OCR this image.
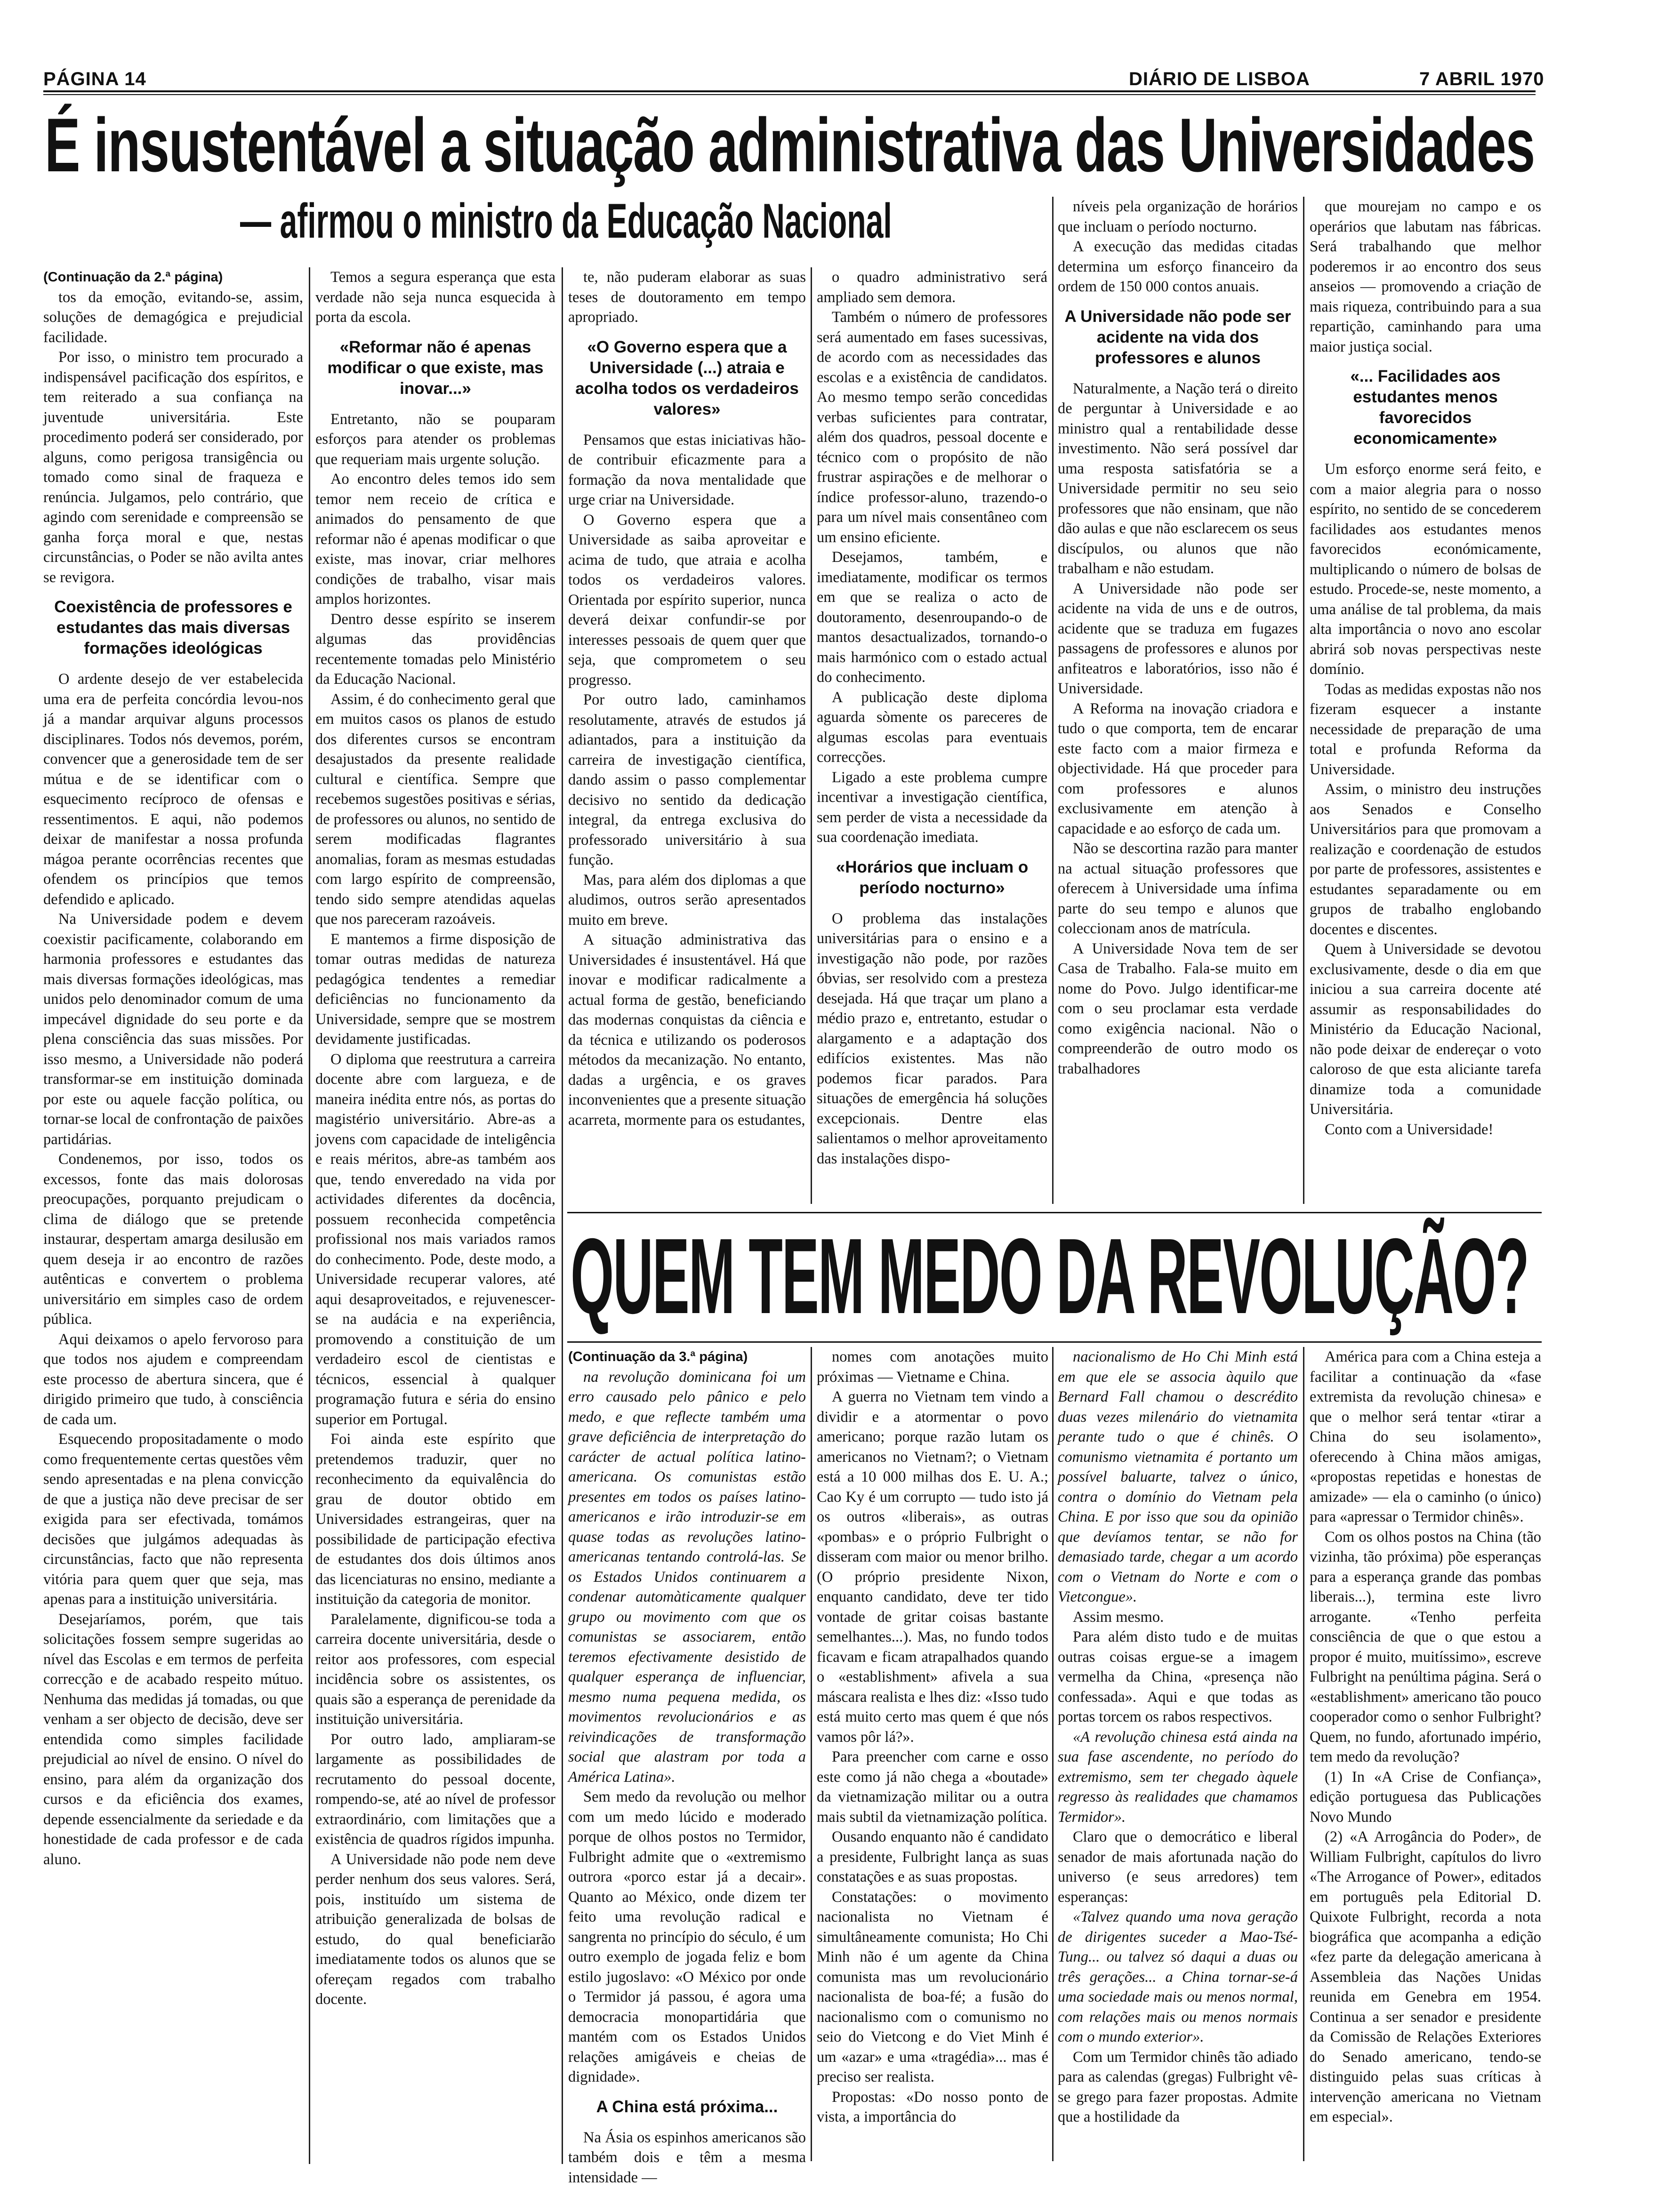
PÁGINA 14	DIÁRIO DE LISBOA	7 ABRIL 1970
É insustentável a situação administrativa das Universidades
— afirmou o ministro da Educação Nacional

(Continuação da 2.ª página)

tos da emoção, evitando-se, assim, soluções de demagógica e prejudicial facilidade.

Por isso, o ministro tem procurado a indispensável pacificação dos espíritos, e tem reiterado a sua confiança na juventude universitária. Este procedimento poderá ser considerado, por alguns, como perigosa transigência ou tomado como sinal de fraqueza e renúncia. Julgamos, pelo contrário, que agindo com serenidade e compreensão se ganha força moral e que, nestas circunstâncias, o Poder se não avilta antes se revigora.

Coexistência de professores e estudantes das mais diversas formações ideológicas

O ardente desejo de ver estabelecida uma era de perfeita concórdia levou-nos já a mandar arquivar alguns processos disciplinares. Todos nós devemos, porém, convencer que a generosidade tem de ser mútua e de se identificar com o esquecimento recíproco de ofensas e ressentimentos. E aqui, não podemos deixar de manifestar a nossa profunda mágoa perante ocorrências recentes que ofendem os princípios que temos defendido e aplicado.

Na Universidade podem e devem coexistir pacificamente, colaborando em harmonia professores e estudantes das mais diversas formações ideológicas, mas unidos pelo denominador comum de uma impecável dignidade do seu porte e da plena consciência das suas missões. Por isso mesmo, a Universidade não poderá transformar-se em instituição dominada por este ou aquele facção política, ou tornar-se local de confrontação de paixões partidárias.

Condenemos, por isso, todos os excessos, fonte das mais dolorosas preocupações, porquanto prejudicam o clima de diálogo que se pretende instaurar, despertam amarga desilusão em quem deseja ir ao encontro de razões autênticas e convertem o problema universitário em simples caso de ordem pública.

Aqui deixamos o apelo fervoroso para que todos nos ajudem e compreendam este processo de abertura sincera, que é dirigido primeiro que tudo, à consciência de cada um.

Esquecendo propositadamente o modo como frequentemente certas questões vêm sendo apresentadas e na plena convicção de que a justiça não deve precisar de ser exigida para ser efectivada, tomámos decisões que julgámos adequadas às circunstâncias, facto que não representa vitória para quem quer que seja, mas apenas para a instituição universitária.

Desejaríamos, porém, que tais solicitações fossem sempre sugeridas ao nível das Escolas e em termos de perfeita correcção e de acabado respeito mútuo. Nenhuma das medidas já tomadas, ou que venham a ser objecto de decisão, deve ser entendida como simples facilidade prejudicial ao nível de ensino. O nível do ensino, para além da organização dos cursos e da eficiência dos exames, depende essencialmente da seriedade e da honestidade de cada professor e de cada aluno.

Temos a segura esperança que esta verdade não seja nunca esquecida à porta da escola.

«Reformar não é apenas modificar o que existe, mas inovar...»

Entretanto, não se pouparam esforços para atender os problemas que requeriam mais urgente solução.

Ao encontro deles temos ido sem temor nem receio de crítica e animados do pensamento de que reformar não é apenas modificar o que existe, mas inovar, criar melhores condições de trabalho, visar mais amplos horizontes.

Dentro desse espírito se inserem algumas das providências recentemente tomadas pelo Ministério da Educação Nacional.

Assim, é do conhecimento geral que em muitos casos os planos de estudo dos diferentes cursos se encontram desajustados da presente realidade cultural e científica. Sempre que recebemos sugestões positivas e sérias, de professores ou alunos, no sentido de serem modificadas flagrantes anomalias, foram as mesmas estudadas com largo espírito de compreensão, tendo sido sempre atendidas aquelas que nos pareceram razoáveis.

E mantemos a firme disposição de tomar outras medidas de natureza pedagógica tendentes a remediar deficiências no funcionamento da Universidade, sempre que se mostrem devidamente justificadas.

O diploma que reestrutura a carreira docente abre com largueza, e de maneira inédita entre nós, as portas do magistério universitário. Abre-as a jovens com capacidade de inteligência e reais méritos, abre-as também aos que, tendo enveredado na vida por actividades diferentes da docência, possuem reconhecida competência profissional nos mais variados ramos do conhecimento. Pode, deste modo, a Universidade recuperar valores, até aqui desaproveitados, e rejuvenescer-se na audácia e na experiência, promovendo a constituição de um verdadeiro escol de cientistas e técnicos, essencial à qualquer programação futura e séria do ensino superior em Portugal.

Foi ainda este espírito que pretendemos traduzir, quer no reconhecimento da equivalência do grau de doutor obtido em Universidades estrangeiras, quer na possibilidade de participação efectiva de estudantes dos dois últimos anos das licenciaturas no ensino, mediante a instituição da categoria de monitor.

Paralelamente, dignificou-se toda a carreira docente universitária, desde o reitor aos professores, com especial incidência sobre os assistentes, os quais são a esperança de perenidade da instituição universitária.

Por outro lado, ampliaram-se largamente as possibilidades de recrutamento do pessoal docente, rompendo-se, até ao nível de professor extraordinário, com limitações que a existência de quadros rígidos impunha.

A Universidade não pode nem deve perder nenhum dos seus valores. Será, pois, instituído um sistema de atribuição generalizada de bolsas de estudo, do qual beneficiarão imediatamente todos os alunos que se ofereçam regados com trabalho docente.

te, não puderam elaborar as suas teses de doutoramento em tempo apropriado.

«O Governo espera que a Universidade (...) atraia e acolha todos os verdadeiros valores»

Pensamos que estas iniciativas hão-de contribuir eficazmente para a formação da nova mentalidade que urge criar na Universidade.

O Governo espera que a Universidade as saiba aproveitar e acima de tudo, que atraia e acolha todos os verdadeiros valores. Orientada por espírito superior, nunca deverá deixar confundir-se por interesses pessoais de quem quer que seja, que comprometem o seu progresso.

Por outro lado, caminhamos resolutamente, através de estudos já adiantados, para a instituição da carreira de investigação científica, dando assim o passo complementar decisivo no sentido da dedicação integral, da entrega exclusiva do professorado universitário à sua função.

Mas, para além dos diplomas a que aludimos, outros serão apresentados muito em breve.

A situação administrativa das Universidades é insustentável. Há que inovar e modificar radicalmente a actual forma de gestão, beneficiando das modernas conquistas da ciência e da técnica e utilizando os poderosos métodos da mecanização. No entanto, dadas a urgência, e os graves inconvenientes que a presente situação acarreta, mormente para os estudantes,

o quadro administrativo será ampliado sem demora.

Também o número de professores será aumentado em fases sucessivas, de acordo com as necessidades das escolas e a existência de candidatos. Ao mesmo tempo serão concedidas verbas suficientes para contratar, além dos quadros, pessoal docente e técnico com o propósito de não frustrar aspirações e de melhorar o índice professor-aluno, trazendo-o para um nível mais consentâneo com um ensino eficiente.

Desejamos, também, e imediatamente, modificar os termos em que se realiza o acto de doutoramento, desenroupando-o de mantos desactualizados, tornando-o mais harmónico com o estado actual do conhecimento.

A publicação deste diploma aguarda sòmente os pareceres de algumas escolas para eventuais correcções.

Ligado a este problema cumpre incentivar a investigação científica, sem perder de vista a necessidade da sua coordenação imediata.

«Horários que incluam o período nocturno»

O problema das instalações universitárias para o ensino e a investigação não pode, por razões óbvias, ser resolvido com a presteza desejada. Há que traçar um plano a médio prazo e, entretanto, estudar o alargamento e a adaptação dos edifícios existentes. Mas não podemos ficar parados. Para situações de emergência há soluções excepcionais. Dentre elas salientamos o melhor aproveitamento das instalações dispo-

níveis pela organização de horários que incluam o período nocturno.

A execução das medidas citadas determina um esforço financeiro da ordem de 150 000 contos anuais.

A Universidade não pode ser acidente na vida dos professores e alunos

Naturalmente, a Nação terá o direito de perguntar à Universidade e ao ministro qual a rentabilidade desse investimento. Não será possível dar uma resposta satisfatória se a Universidade permitir no seu seio professores que não ensinam, que não dão aulas e que não esclarecem os seus discípulos, ou alunos que não trabalham e não estudam.

A Universidade não pode ser acidente na vida de uns e de outros, acidente que se traduza em fugazes passagens de professores e alunos por anfiteatros e laboratórios, isso não é Universidade.

A Reforma na inovação criadora e tudo o que comporta, tem de encarar este facto com a maior firmeza e objectividade. Há que proceder para com professores e alunos exclusivamente em atenção à capacidade e ao esforço de cada um.

Não se descortina razão para manter na actual situação professores que oferecem à Universidade uma ínfima parte do seu tempo e alunos que coleccionam anos de matrícula.

A Universidade Nova tem de ser Casa de Trabalho. Fala-se muito em nome do Povo. Julgo identificar-me com o seu proclamar esta verdade como exigência nacional. Não o compreenderão de outro modo os trabalhadores

que mourejam no campo e os operários que labutam nas fábricas. Será trabalhando que melhor poderemos ir ao encontro dos seus anseios — promovendo a criação de mais riqueza, contribuindo para a sua repartição, caminhando para uma maior justiça social.

«... Facilidades aos estudantes menos favorecidos economicamente»

Um esforço enorme será feito, e com a maior alegria para o nosso espírito, no sentido de se concederem facilidades aos estudantes menos favorecidos económicamente, multiplicando o número de bolsas de estudo. Procede-se, neste momento, a uma análise de tal problema, da mais alta importância o novo ano escolar abrirá sob novas perspectivas neste domínio.

Todas as medidas expostas não nos fizeram esquecer a instante necessidade de preparação de uma total e profunda Reforma da Universidade.

Assim, o ministro deu instruções aos Senados e Conselho Universitários para que promovam a realização e coordenação de estudos por parte de professores, assistentes e estudantes separadamente ou em grupos de trabalho englobando docentes e discentes.

Quem à Universidade se devotou exclusivamente, desde o dia em que iniciou a sua carreira docente até assumir as responsabilidades do Ministério da Educação Nacional, não pode deixar de endereçar o voto caloroso de que esta aliciante tarefa dinamize toda a comunidade Universitária.

Conto com a Universidade!

QUEM TEM MEDO DA REVOLUÇÃO?

(Continuação da 3.ª página)

na revolução dominicana foi um erro causado pelo pânico e pelo medo, e que reflecte também uma grave deficiência de interpretação do carácter de actual política latino-americana. Os comunistas estão presentes em todos os países latino-americanos e irão introduzir-se em quase todas as revoluções latino-americanas tentando controlá-las. Se os Estados Unidos continuarem a condenar automàticamente qualquer grupo ou movimento com que os comunistas se associarem, então teremos efectivamente desistido de qualquer esperança de influenciar, mesmo numa pequena medida, os movimentos revolucionários e as reivindicações de transformação social que alastram por toda a América Latina».

Sem medo da revolução ou melhor com um medo lúcido e moderado porque de olhos postos no Termidor, Fulbright admite que o «extremismo outrora «porco estar já a decair». Quanto ao México, onde dizem ter feito uma revolução radical e sangrenta no princípio do século, é um outro exemplo de jogada feliz e bom estilo jugoslavo: «O México por onde o Termidor já passou, é agora uma democracia monopartidária que mantém com os Estados Unidos relações amigáveis e cheias de dignidade».

A China está próxima...

Na Ásia os espinhos americanos são também dois e têm a mesma intensidade —

nomes com anotações muito próximas — Vietname e China.

A guerra no Vietnam tem vindo a dividir e a atormentar o povo americano; porque razão lutam os americanos no Vietnam?; o Vietnam está a 10 000 milhas dos E. U. A.; Cao Ky é um corrupto — tudo isto já os outros «liberais», as outras «pombas» e o próprio Fulbright o disseram com maior ou menor brilho. (O próprio presidente Nixon, enquanto candidato, deve ter tido vontade de gritar coisas bastante semelhantes...). Mas, no fundo todos ficavam e ficam atrapalhados quando o «establishment» afivela a sua máscara realista e lhes diz: «Isso tudo está muito certo mas quem é que nós vamos pôr lá?».

Para preencher com carne e osso este como já não chega a «boutade» da vietnamização militar ou a outra mais subtil da vietnamização política.

Ousando enquanto não é candidato a presidente, Fulbright lança as suas constatações e as suas propostas.

Constatações: o movimento nacionalista no Vietnam é simultâneamente comunista; Ho Chi Minh não é um agente da China comunista mas um revolucionário nacionalista de boa-fé; a fusão do nacionalismo com o comunismo no seio do Vietcong e do Viet Minh é um «azar» e uma «tragédia»... mas é preciso ser realista.

Propostas: «Do nosso ponto de vista, a importância do

nacionalismo de Ho Chi Minh está em que ele se associa àquilo que Bernard Fall chamou o descrédito duas vezes milenário do vietnamita perante tudo o que é chinês. O comunismo vietnamita é portanto um possível baluarte, talvez o único, contra o domínio do Vietnam pela China. E por isso que sou da opinião que devíamos tentar, se não for demasiado tarde, chegar a um acordo com o Vietnam do Norte e com o Vietcongue».

Assim mesmo.

Para além disto tudo e de muitas outras coisas ergue-se a imagem vermelha da China, «presença não confessada». Aqui e que todas as portas torcem os rabos respectivos.

«A revolução chinesa está ainda na sua fase ascendente, no período do extremismo, sem ter chegado àquele regresso às realidades que chamamos Termidor».

Claro que o democrático e liberal senador de mais afortunada nação do universo (e seus arredores) tem esperanças:

«Talvez quando uma nova geração de dirigentes suceder a Mao-Tsé-Tung... ou talvez só daqui a duas ou três gerações... a China tornar-se-á uma sociedade mais ou menos normal, com relações mais ou menos normais com o mundo exterior».

Com um Termidor chinês tão adiado para as calendas (gregas) Fulbright vê-se grego para fazer propostas. Admite que a hostilidade da

América para com a China esteja a facilitar a continuação da «fase extremista da revolução chinesa» e que o melhor será tentar «tirar a China do seu isolamento», oferecendo à China mãos amigas, «propostas repetidas e honestas de amizade» — ela o caminho (o único) para «apressar o Termidor chinês».

Com os olhos postos na China (tão vizinha, tão próxima) põe esperanças para a esperança grande das pombas liberais...), termina este livro arrogante. «Tenho perfeita consciência de que o que estou a propor é muito, muitíssimo», escreve Fulbright na penúltima página. Será o «establishment» americano tão pouco cooperador como o senhor Fulbright? Quem, no fundo, afortunado império, tem medo da revolução?

(1) In «A Crise de Confiança», edição portuguesa das Publicações Novo Mundo

(2) «A Arrogância do Poder», de William Fulbright, capítulos do livro «The Arrogance of Power», editados em português pela Editorial D. Quixote Fulbright, recorda a nota biográfica que acompanha a edição «fez parte da delegação americana à Assembleia das Nações Unidas reunida em Genebra em 1954. Continua a ser senador e presidente da Comissão de Relações Exteriores do Senado americano, tendo-se distinguido pelas suas críticas à intervenção americana no Vietnam em especial».
